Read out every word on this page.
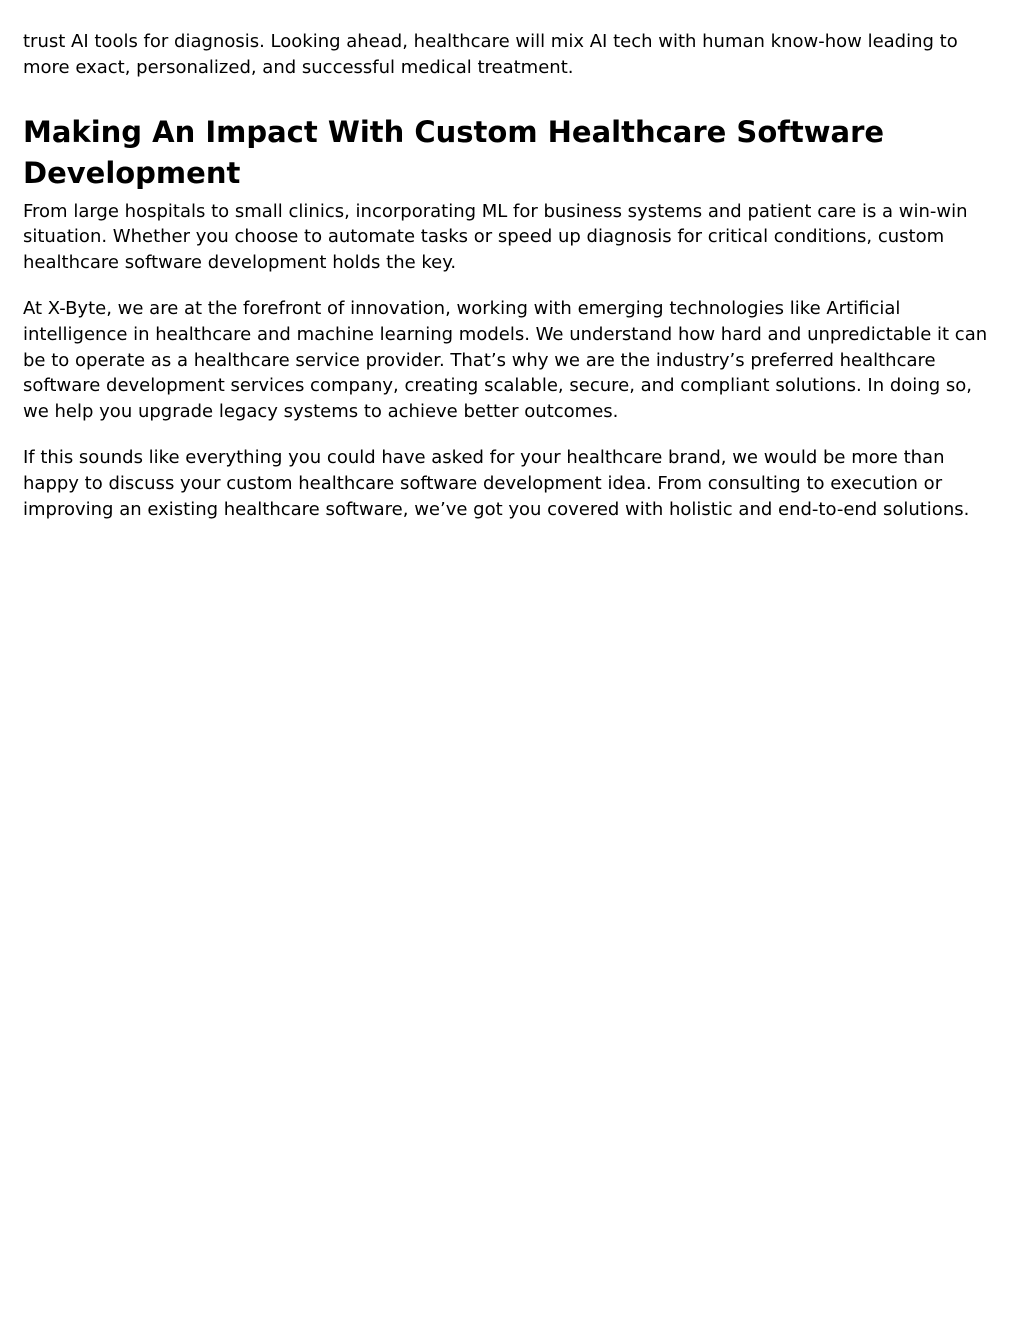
trust AI tools for diagnosis. Looking ahead, healthcare will mix AI tech with human know-how leading to more exact, personalized, and successful medical treatment.

Making An Impact With Custom Healthcare Software Development

From large hospitals to small clinics, incorporating ML for business systems and patient care is a win-win situation. Whether you choose to automate tasks or speed up diagnosis for critical conditions, custom healthcare software development holds the key.

At X-Byte, we are at the forefront of innovation, working with emerging technologies like Artificial intelligence in healthcare and machine learning models. We understand how hard and unpredictable it can be to operate as a healthcare service provider. That’s why we are the industry’s preferred healthcare software development services company, creating scalable, secure, and compliant solutions. In doing so, we help you upgrade legacy systems to achieve better outcomes.

If this sounds like everything you could have asked for your healthcare brand, we would be more than happy to discuss your custom healthcare software development idea. From consulting to execution or improving an existing healthcare software, we’ve got you covered with holistic and end-to-end solutions.
